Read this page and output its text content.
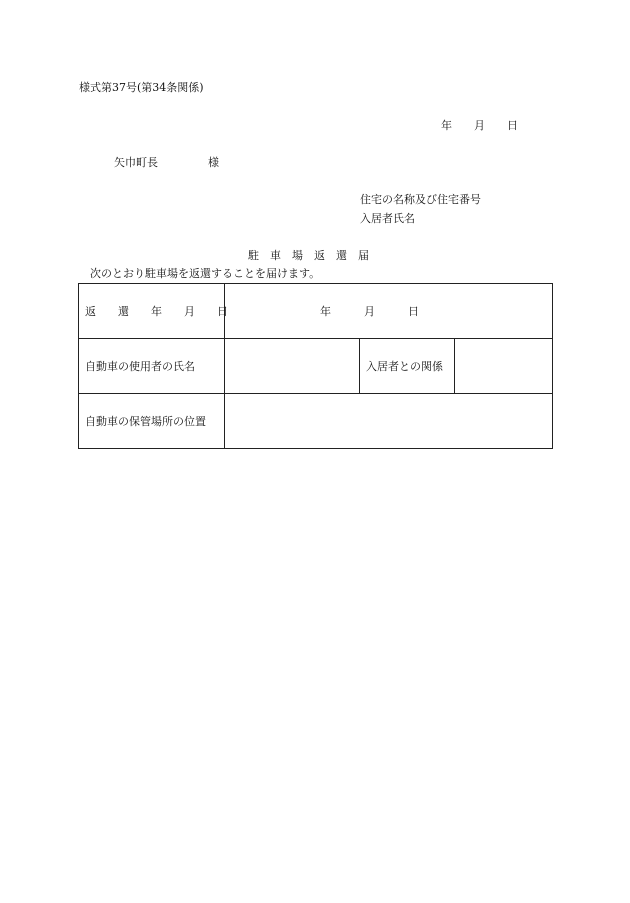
様式第37号(第34条関係)
年　　月　　日
矢巾町長	様
住宅の名称及び住宅番号
入居者氏名
駐　車　場　返　還　届
次のとおり駐車場を返還することを届けます。
返　　還　　年　　月　　日	年　　　月　　　日		
自動車の使用者の氏名		入居者との関係	
自動車の保管場所の位置			
